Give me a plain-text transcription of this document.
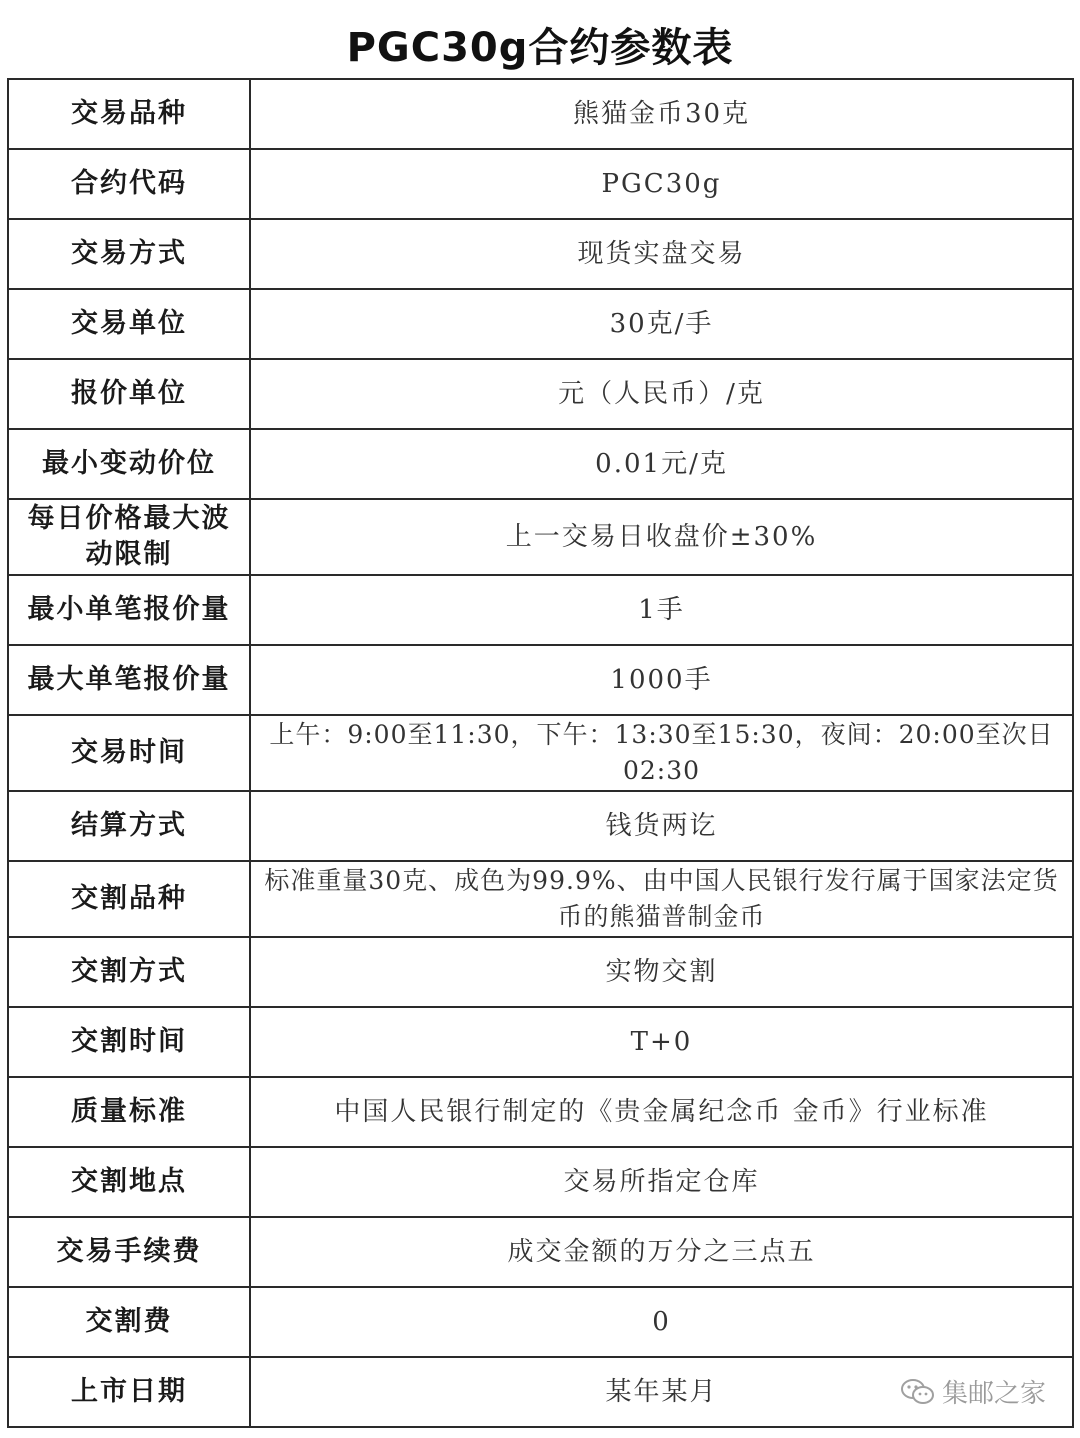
PGC30g合约参数表
交易品种	熊猫金币30克
合约代码	PGC30g
交易方式	现货实盘交易
交易单位	30克/手
报价单位	元（人民币）/克
最小变动价位	0.01元/克
每日价格最大波动限制	上一交易日收盘价±30%
最小单笔报价量	1手
最大单笔报价量	1000手
交易时间	上午：9:00至11:30，下午：13:30至15:30，夜间：20:00至次日02:30
结算方式	钱货两讫
交割品种	标准重量30克、成色为99.9%、由中国人民银行发行属于国家法定货币的熊猫普制金币
交割方式	实物交割
交割时间	T+0
质量标准	中国人民银行制定的《贵金属纪念币 金币》行业标准
交割地点	交易所指定仓库
交易手续费	成交金额的万分之三点五
交割费	0
上市日期	某年某月	集邮之家
